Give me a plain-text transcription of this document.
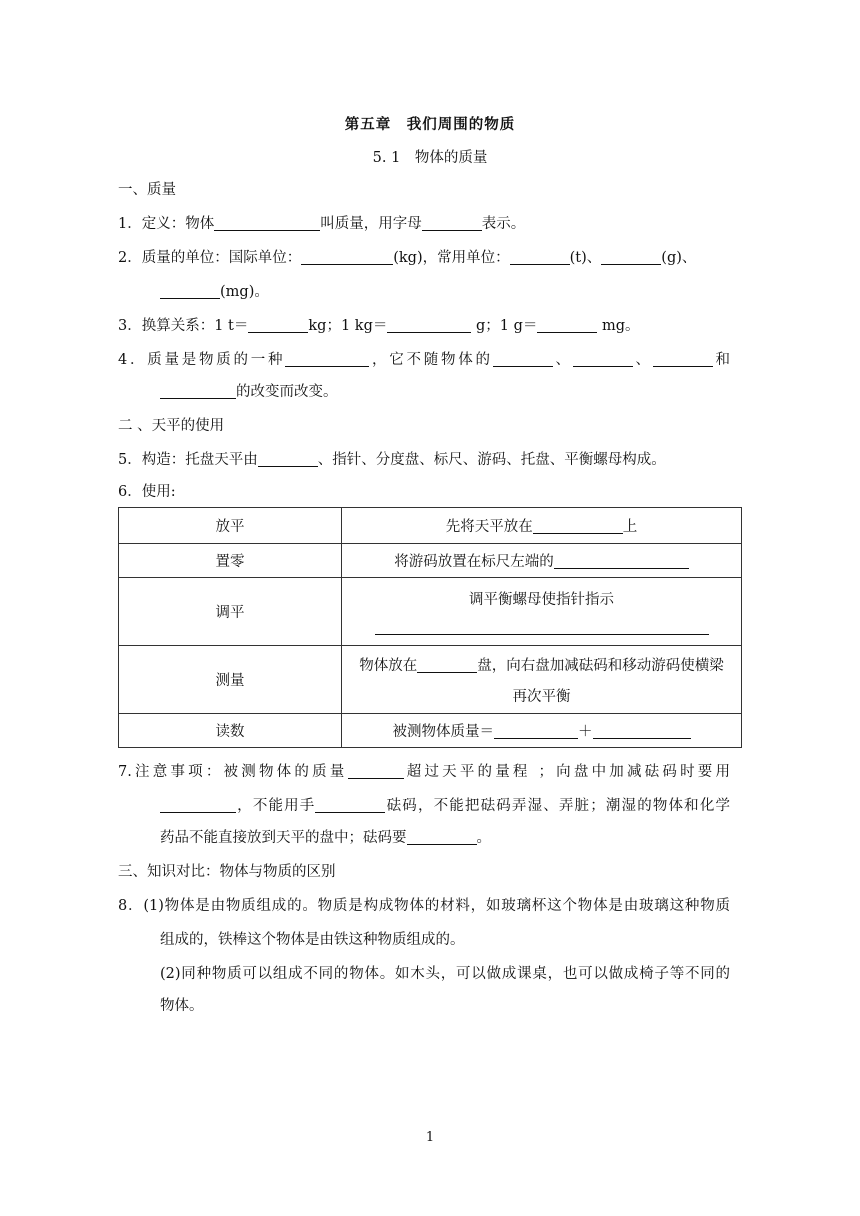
第五章　我们周围的物质
5. 1　物体的质量
一、质量
1．定义：物体	叫质量，用字母	表示。
2．质量的单位：国际单位：	(kg)，常用单位：	(t)、	(g)、
(mg)。
3．换算关系：1 t＝	kg；1 kg＝	g；1 g＝	mg。
4．质量是物质的一种	，它不随物体的	、	、	和
的改变而改变。
二 、天平的使用
5．构造：托盘天平由	、指针、分度盘、标尺、游码、托盘、平衡螺母构成。
6．使用:
放平	先将天平放在 上
置零	将游码放置在标尺左端的
调平	调平衡螺母使指针指示

测量	物体放在 盘，向右盘加减砝码和移动游码使横梁
再次平衡

读数	被测物体质量＝ ＋
7.注意事项：被测物体的质量	超过天平的量程 ；向盘中加减砝码时要用
，不能用手	砝码，不能把砝码弄湿、弄脏；潮湿的物体和化学
药品不能直接放到天平的盘中；砝码要	。
三、知识对比：物体与物质的区别
8．(1)物体是由物质组成的。物质是构成物体的材料，如玻璃杯这个物体是由玻璃这种物质
组成的，铁棒这个物体是由铁这种物质组成的。
(2)同种物质可以组成不同的物体。如木头，可以做成课桌，也可以做成椅子等不同的
物体。
1
